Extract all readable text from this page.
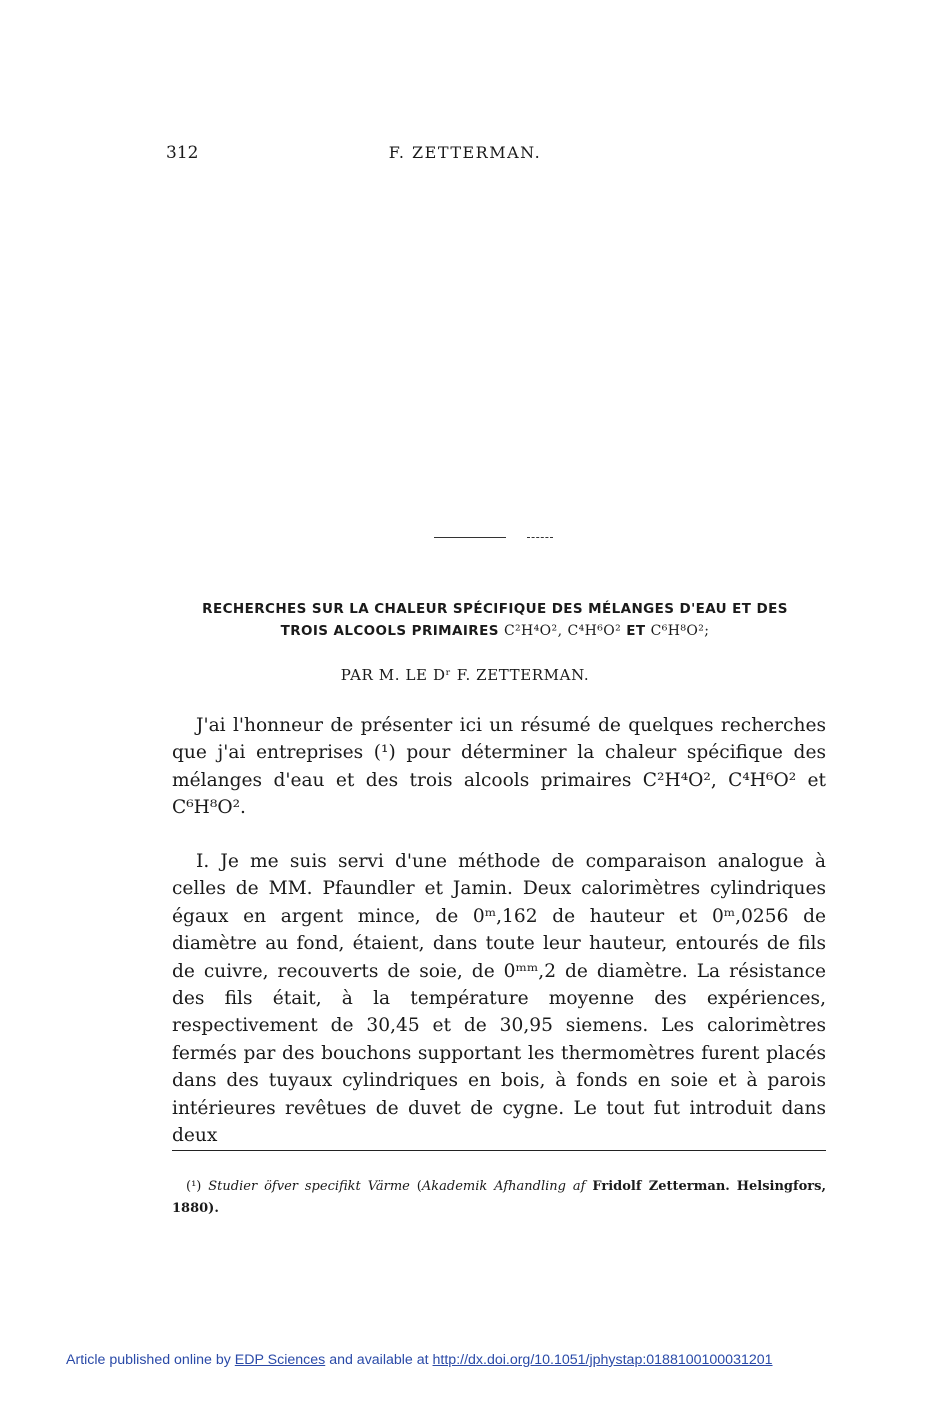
312	F. ZETTERMAN.
RECHERCHES SUR LA CHALEUR SPÉCIFIQUE DES MÉLANGES D'EAU ET DES
TROIS ALCOOLS PRIMAIRES C²H⁴O², C⁴H⁶O² ET C⁶H⁸O²;
PAR M. LE Dʳ F. ZETTERMAN.

J'ai l'honneur de présenter ici un résumé de quelques recherches que j'ai entreprises (¹) pour déterminer la chaleur spécifique des mélanges d'eau et des trois alcools primaires C²H⁴O², C⁴H⁶O² et C⁶H⁸O².

I. Je me suis servi d'une méthode de comparaison analogue à celles de MM. Pfaundler et Jamin. Deux calorimètres cylindriques égaux en argent mince, de 0ᵐ,162 de hauteur et 0ᵐ,0256 de diamètre au fond, étaient, dans toute leur hauteur, entourés de fils de cuivre, recouverts de soie, de 0ᵐᵐ,2 de diamètre. La résistance des fils était, à la température moyenne des expériences, respectivement de 30,45 et de 30,95 siemens. Les calorimètres fermés par des bouchons supportant les thermomètres furent placés dans des tuyaux cylindriques en bois, à fonds en soie et à parois intérieures revêtues de duvet de cygne. Le tout fut introduit dans deux

(¹) Studier öfver specifikt Värme (Akademik Afhandling af Fridolf Zetterman. Helsingfors, 1880).

Article published online by EDP Sciences and available at http://dx.doi.org/10.1051/jphystap:0188100100031201
